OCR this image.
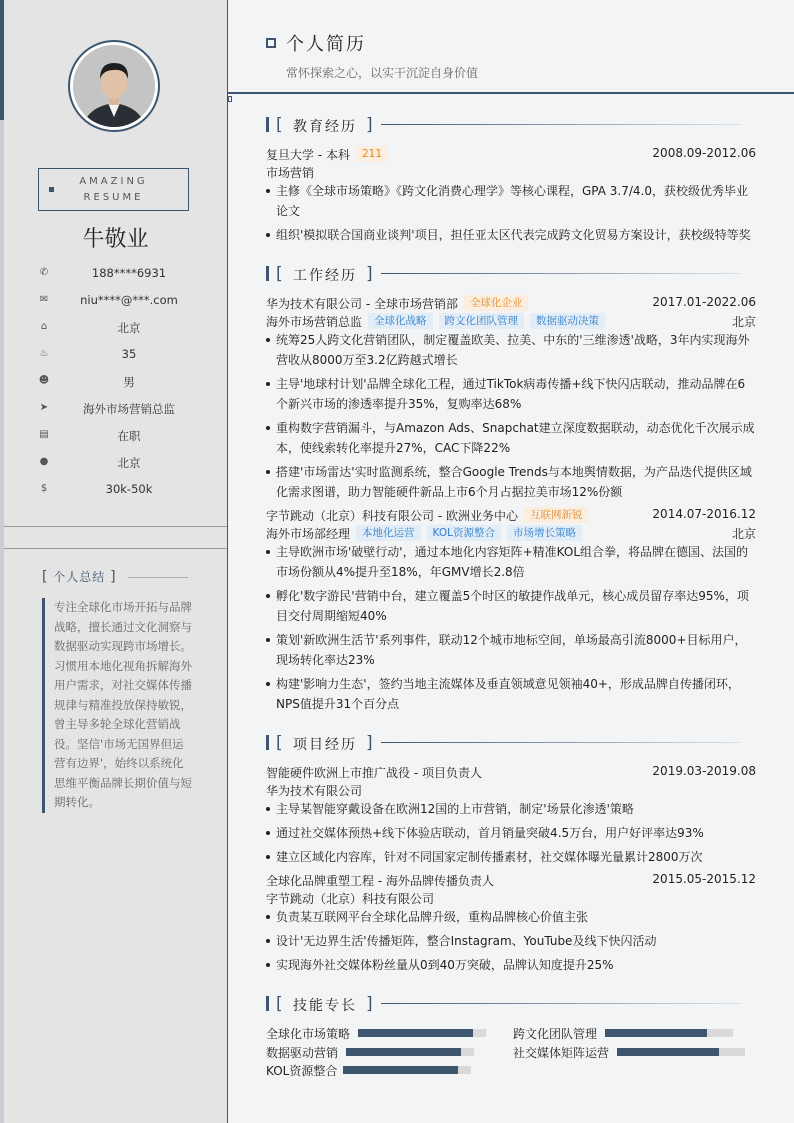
AMAZING
RESUME
牛敬业
✆	188****6931
✉	niu****@***.com
⌂	北京
♨	35
☻	男
➤	海外市场营销总监
▤	在职
●	北京
$	30k-50k
[ 个人总结 ]
专注全球化市场开拓与品牌战略，擅长通过文化洞察与数据驱动实现跨市场增长。习惯用本地化视角拆解海外用户需求，对社交媒体传播规律与精准投放保持敏锐，曾主导多轮全球化营销战役。坚信'市场无国界但运营有边界'，始终以系统化思维平衡品牌长期价值与短期转化。
个人简历
常怀探索之心，以实干沉淀自身价值
[ 教育经历 ]
复旦大学 - 本科 211	2008.09-2012.06
市场营销
主修《全球市场策略》《跨文化消费心理学》等核心课程，GPA 3.7/4.0，获校级优秀毕业论文
组织'模拟联合国商业谈判'项目，担任亚太区代表完成跨文化贸易方案设计，获校级特等奖
[ 工作经历 ]
华为技术有限公司 - 全球市场营销部 全球化企业	2017.01-2022.06
海外市场营销总监 全球化战略 跨文化团队管理 数据驱动决策	北京
统筹25人跨文化营销团队，制定覆盖欧美、拉美、中东的'三维渗透'战略，3年内实现海外营收从8000万至3.2亿跨越式增长
主导'地球村计划'品牌全球化工程，通过TikTok病毒传播+线下快闪店联动，推动品牌在6个新兴市场的渗透率提升35%，复购率达68%
重构数字营销漏斗，与Amazon Ads、Snapchat建立深度数据联动，动态优化千次展示成本，使线索转化率提升27%，CAC下降22%
搭建'市场雷达'实时监测系统，整合Google Trends与本地舆情数据，为产品迭代提供区域化需求图谱，助力智能硬件新品上市6个月占据拉美市场12%份额
字节跳动（北京）科技有限公司 - 欧洲业务中心 互联网新锐	2014.07-2016.12
海外市场部经理 本地化运营 KOL资源整合 市场增长策略	北京
主导欧洲市场'破壁行动'，通过本地化内容矩阵+精准KOL组合拳，将品牌在德国、法国的市场份额从4%提升至18%，年GMV增长2.8倍
孵化'数字游民'营销中台，建立覆盖5个时区的敏捷作战单元，核心成员留存率达95%，项目交付周期缩短40%
策划'新欧洲生活节'系列事件，联动12个城市地标空间，单场最高引流8000+目标用户，现场转化率达23%
构建'影响力生态'，签约当地主流媒体及垂直领域意见领袖40+，形成品牌自传播闭环，NPS值提升31个百分点
[ 项目经历 ]
智能硬件欧洲上市推广战役 - 项目负责人	2019.03-2019.08
华为技术有限公司
主导某智能穿戴设备在欧洲12国的上市营销，制定'场景化渗透'策略
通过社交媒体预热+线下体验店联动，首月销量突破4.5万台，用户好评率达93%
建立区域化内容库，针对不同国家定制传播素材，社交媒体曝光量累计2800万次
全球化品牌重塑工程 - 海外品牌传播负责人	2015.05-2015.12
字节跳动（北京）科技有限公司
负责某互联网平台全球化品牌升级，重构品牌核心价值主张
设计'无边界生活'传播矩阵，整合Instagram、YouTube及线下快闪活动
实现海外社交媒体粉丝量从0到40万突破，品牌认知度提升25%
[ 技能专长 ]
全球化市场策略	跨文化团队管理
数据驱动营销	社交媒体矩阵运营
KOL资源整合
